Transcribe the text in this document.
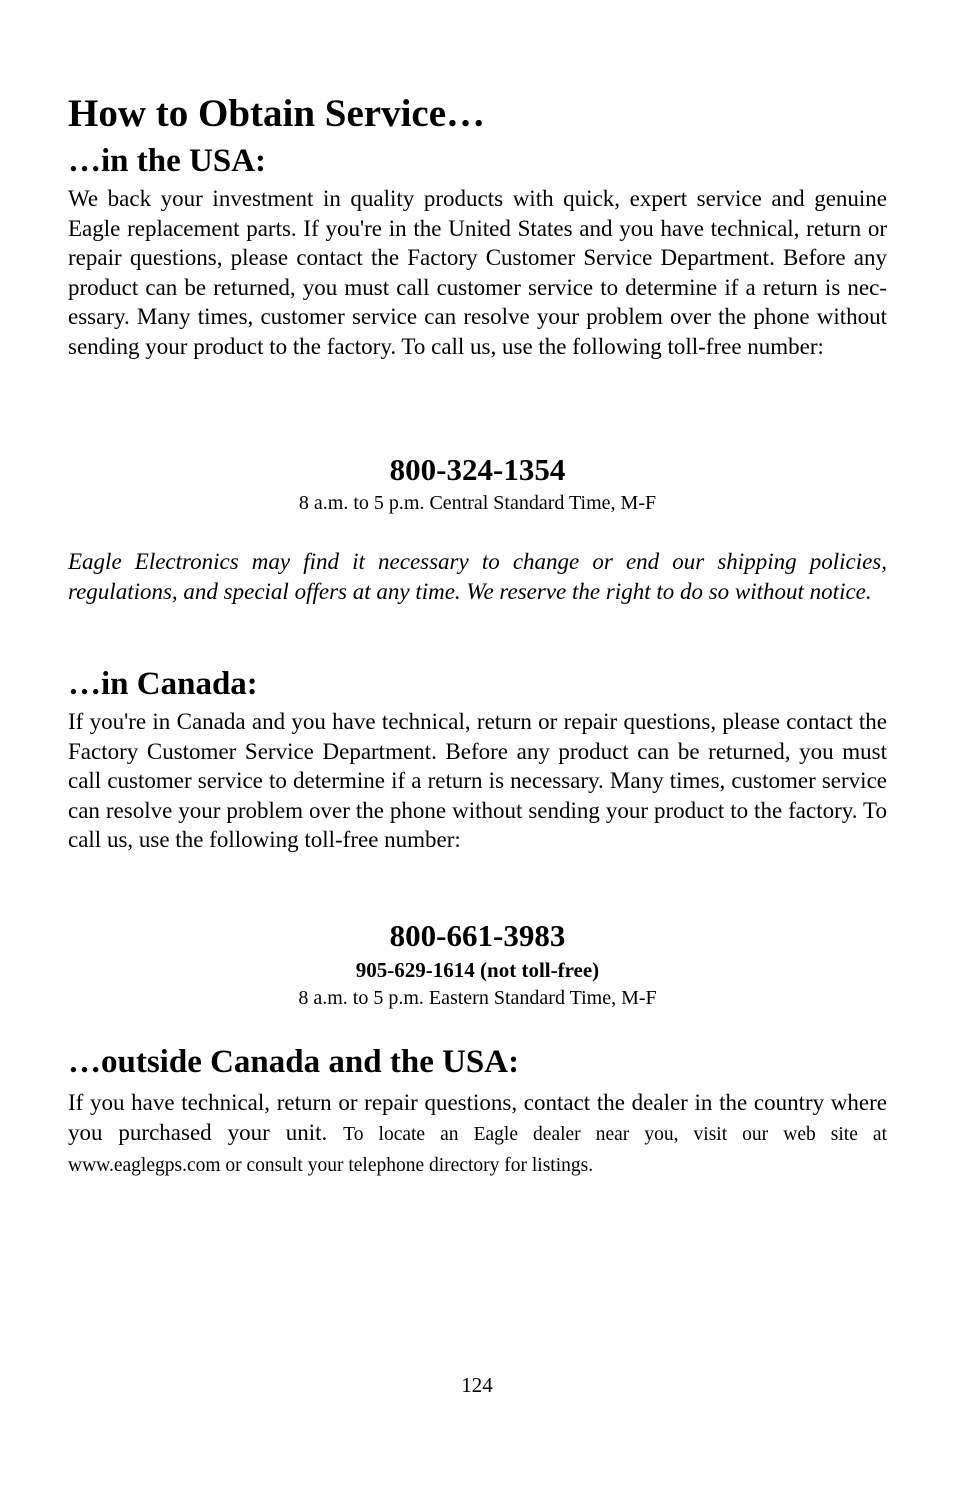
How to Obtain Service…
…in the USA:

We back your investment in quality products with quick, expert service and genuine Eagle replacement parts. If you're in the United States and you have technical, return or repair questions, please contact the Factory Customer Service Department. Before any product can be returned, you must call customer service to determine if a return is necessary. Many times, customer service can resolve your problem over the phone without sending your product to the factory. To call us, use the following toll-free number:

800-324-1354
8 a.m. to 5 p.m. Central Standard Time, M-F

Eagle Electronics may find it necessary to change or end our shipping policies, regulations, and special offers at any time. We reserve the right to do so without notice.

…in Canada:

If you're in Canada and you have technical, return or repair questions, please contact the Factory Customer Service Department. Before any product can be returned, you must call customer service to determine if a return is necessary. Many times, customer service can resolve your problem over the phone without sending your product to the factory. To call us, use the following toll-free number:

800-661-3983
905-629-1614 (not toll-free)
8 a.m. to 5 p.m. Eastern Standard Time, M-F
…outside Canada and the USA:

If you have technical, return or repair questions, contact the dealer in the country where you purchased your unit. To locate an Eagle dealer near you, visit our web site at www.eaglegps.com or consult your telephone directory for listings.

124
